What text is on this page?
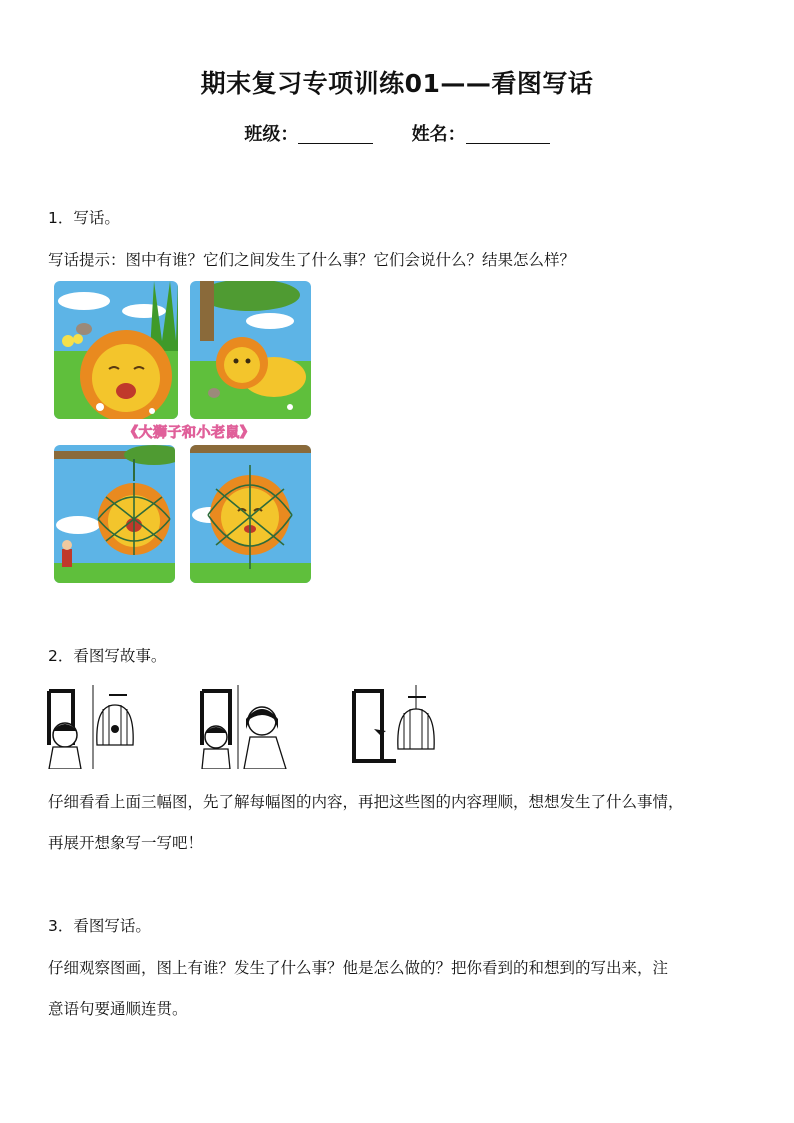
期末复习专项训练01——看图写话
班级：	姓名：
1．写话。
写话提示：图中有谁？它们之间发生了什么事？它们会说什么？结果怎么样？
《大狮子和小老鼠》
2．看图写故事。
仔细看看上面三幅图，先了解每幅图的内容，再把这些图的内容理顺，想想发生了什么事情，
再展开想象写一写吧！
3．看图写话。
仔细观察图画，图上有谁？发生了什么事？他是怎么做的？把你看到的和想到的写出来，注
意语句要通顺连贯。
